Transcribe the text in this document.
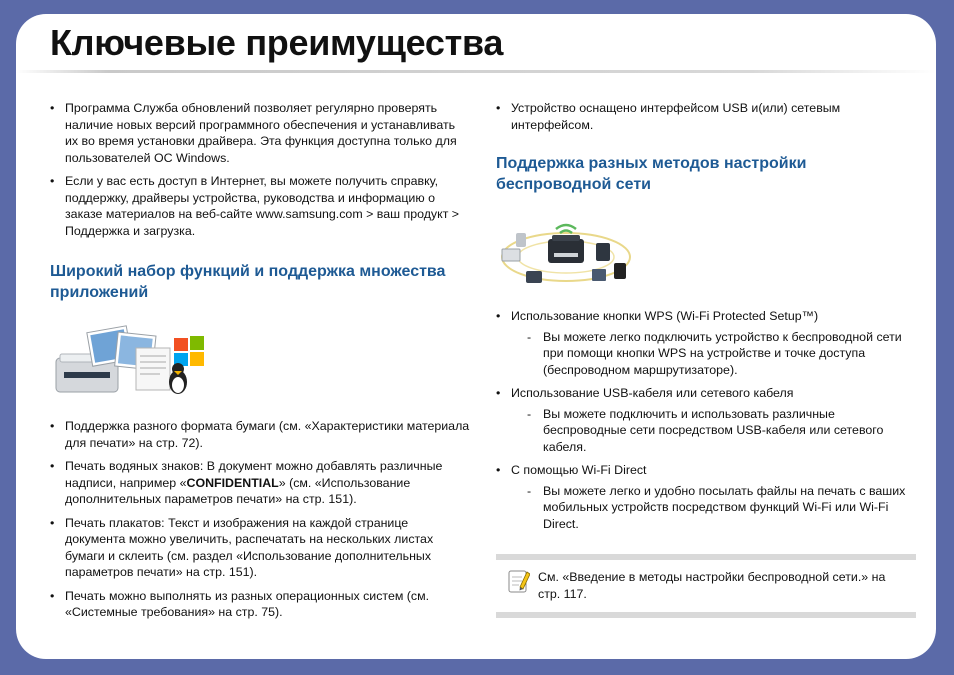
Ключевые преимущества
• Программа Служба обновлений позволяет регулярно проверять наличие новых версий программного обеспечения и устанавливать их во время установки драйвера. Эта функция доступна только для пользователей ОС Windows.
• Если у вас есть доступ в Интернет, вы можете получить справку, поддержку, драйверы устройства, руководства и информацию о заказе материалов на веб-сайте www.samsung.com > ваш продукт > Поддержка и загрузка.
Широкий набор функций и поддержка множества приложений
• Поддержка разного формата бумаги (см. «Характеристики материала для печати» на стр. 72).
• Печать водяных знаков: В документ можно добавлять различные надписи, например «CONFIDENTIAL» (см. «Использование дополнительных параметров печати» на стр. 151).
• Печать плакатов: Текст и изображения на каждой странице документа можно увеличить, распечатать на нескольких листах бумаги и склеить (см. раздел «Использование дополнительных параметров печати» на стр. 151).
• Печать можно выполнять из разных операционных систем (см. «Системные требования» на стр. 75).
• Устройство оснащено интерфейсом USB и(или) сетевым интерфейсом.
Поддержка разных методов настройки беспроводной сети
• Использование кнопки WPS (Wi-Fi Protected Setup™)
- Вы можете легко подключить устройство к беспроводной сети при помощи кнопки WPS на устройстве и точке доступа (беспроводном маршрутизаторе).
• Использование USB-кабеля или сетевого кабеля
- Вы можете подключить и использовать различные беспроводные сети посредством USB-кабеля или сетевого кабеля.
• С помощью Wi-Fi Direct
- Вы можете легко и удобно посылать файлы на печать с ваших мобильных устройств посредством функций Wi-Fi или Wi-Fi Direct.
См. «Введение в методы настройки беспроводной сети.» на стр. 117.
